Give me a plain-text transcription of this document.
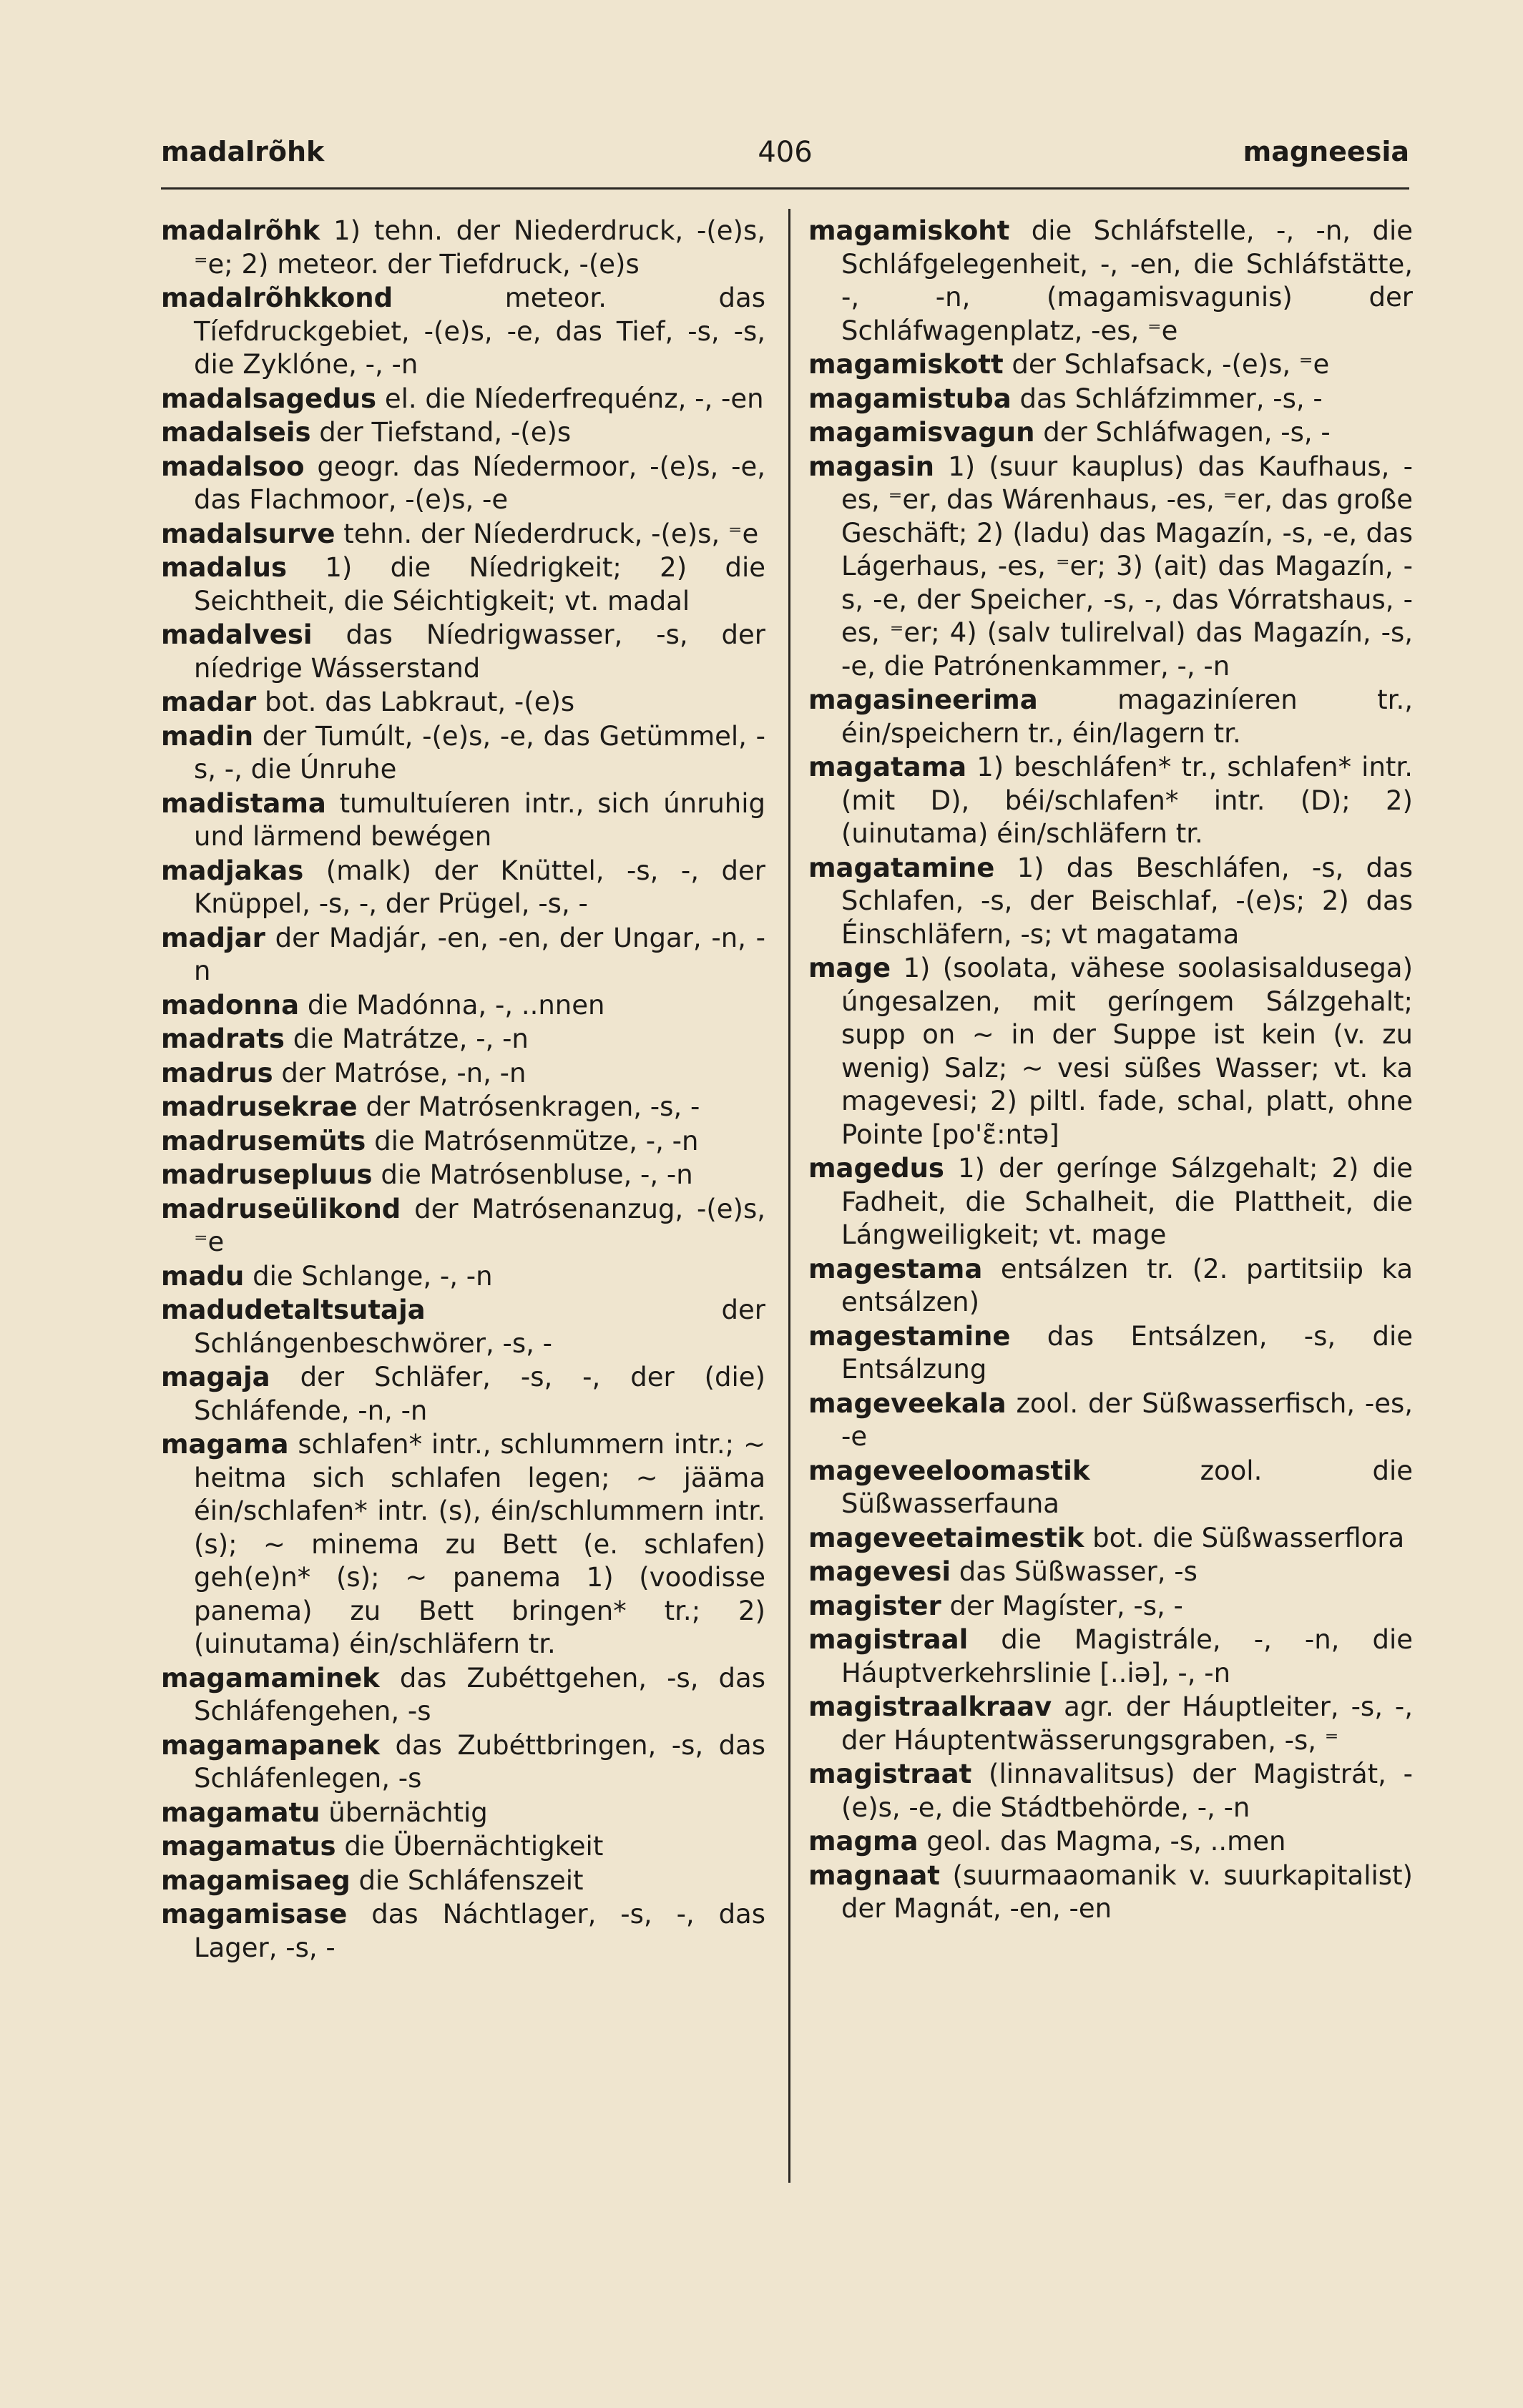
406
madalrõhk	magneesia
madalrõhk 1) tehn. der Niederdruck, -(e)s, ⁼e; 2) meteor. der Tiefdruck, -(e)s
madalrõhkkond	meteor. das Tíefdruckgebiet, -(e)s, -e, das Tief, -s, -s, die Zyklóne, -, -n
madalsagedus el. die Níederfrequénz, -, -en
madalseis der Tiefstand, -(e)s
madalsoo geogr. das Níedermoor, -(e)s, -e, das Flachmoor, -(e)s, -e
madalsurve tehn. der Níederdruck, -(e)s, ⁼e
madalus 1) die Níedrigkeit; 2) die Seichtheit, die Séichtigkeit; vt. madal
madalvesi das Níedrigwasser, -s, der níedrige Wásserstand
madar bot. das Labkraut, -(e)s
madin der Tumúlt, -(e)s, -e, das Getümmel, -s, -, die Únruhe
madistama tumultuíeren intr., sich únruhig und lärmend bewégen
madjakas (malk) der Knüttel, -s, -, der Knüppel, -s, -, der Prügel, -s, -
madjar der Madjár, -en, -en, der Ungar, -n, -n
madonna die Madónna, -, ..nnen
madrats die Matrátze, -, -n
madrus der Matróse, -n, -n
madrusekrae der Matrósenkragen, -s, -
madrusemüts die Matrósenmütze, -, -n
madrusepluus die Matrósenbluse, -, -n
madruseülikond der Matrósenanzug, -(e)s, ⁼e
madu die Schlange, -, -n
madudetaltsutaja	der Schlángenbeschwörer, -s, -
magaja der Schläfer, -s, -, der (die) Schláfende, -n, -n
magama schlafen* intr., schlummern intr.; ~ heitma sich schlafen legen; ~ jääma éin/schlafen* intr. (s), éin/schlummern intr. (s); ~ minema zu Bett (e. schlafen) geh(e)n* (s); ~ panema 1) (voodisse panema) zu Bett bringen* tr.; 2) (uinutama) éin/schläfern tr.
magamaminek das Zubéttgehen, -s, das Schláfengehen, -s
magamapanek das Zubéttbringen, -s, das Schláfenlegen, -s
magamatu übernächtig
magamatus die Übernächtigkeit
magamisaeg die Schláfenszeit
magamisase das Náchtlager, -s, -, das Lager, -s, -
magamiskoht die Schláfstelle, -, -n, die Schláfgelegenheit, -, -en, die Schláfstätte, -, -n, (magamisvagunis) der Schláfwagenplatz, -es, ⁼e
magamiskott der Schlafsack, -(e)s, ⁼e
magamistuba das Schláfzimmer, -s, -
magamisvagun der Schláfwagen, -s, -
magasin 1) (suur kauplus) das Kaufhaus, -es, ⁼er, das Wárenhaus, -es, ⁼er, das große Geschäft; 2) (ladu) das Magazín, -s, -e, das Lágerhaus, -es, ⁼er; 3) (ait) das Magazín, -s, -e, der Speicher, -s, -, das Vórratshaus, -es, ⁼er; 4) (salv tulirelval) das Magazín, -s, -e, die Patrónenkammer, -, -n
magasineerima	magaziníeren tr., éin/speichern tr., éin/lagern tr.
magatama 1) beschláfen* tr., schlafen* intr. (mit D), béi/schlafen* intr. (D); 2) (uinutama) éin/schläfern tr.
magatamine 1) das Beschláfen, -s, das Schlafen, -s, der Beischlaf, -(e)s; 2) das Éinschläfern, -s; vt magatama
mage 1) (soolata, vähese soolasisaldusega) úngesalzen, mit geríngem Sálzgehalt; supp on ~ in der Suppe ist kein (v. zu wenig) Salz; ~ vesi süßes Wasser; vt. ka magevesi; 2) piltl. fade, schal, platt, ohne Pointe [po'ɛ̃:ntə]
magedus 1) der geríngе Sálzgehalt; 2) die Fadheit, die Schalheit, die Plattheit, die Lángweiligkeit; vt. mage
magestama entsálzen tr. (2. partitsiip ka entsálzen)
magestamine das Entsálzen, -s, die Entsálzung
mageveekala zool. der Süßwasserfisch, -es, -e
mageveeloomastik	zool. die Süßwasserfauna
mageveetaimestik bot. die Süßwasserflora
magevesi das Süßwasser, -s
magister der Magíster, -s, -
magistraal die Magistrále, -, -n, die Háuptverkehrslinie [..iə], -, -n
magistraalkraav agr. der Háuptleiter, -s, -, der Háuptentwässerungsgraben, -s, ⁼
magistraat (linnavalitsus) der Magistrát, -(e)s, -e, die Stádtbehörde, -, -n
magma geol. das Magma, -s, ..men
magnaat (suurmaaomanik v. suurkapitalist) der Magnát, -en, -en
